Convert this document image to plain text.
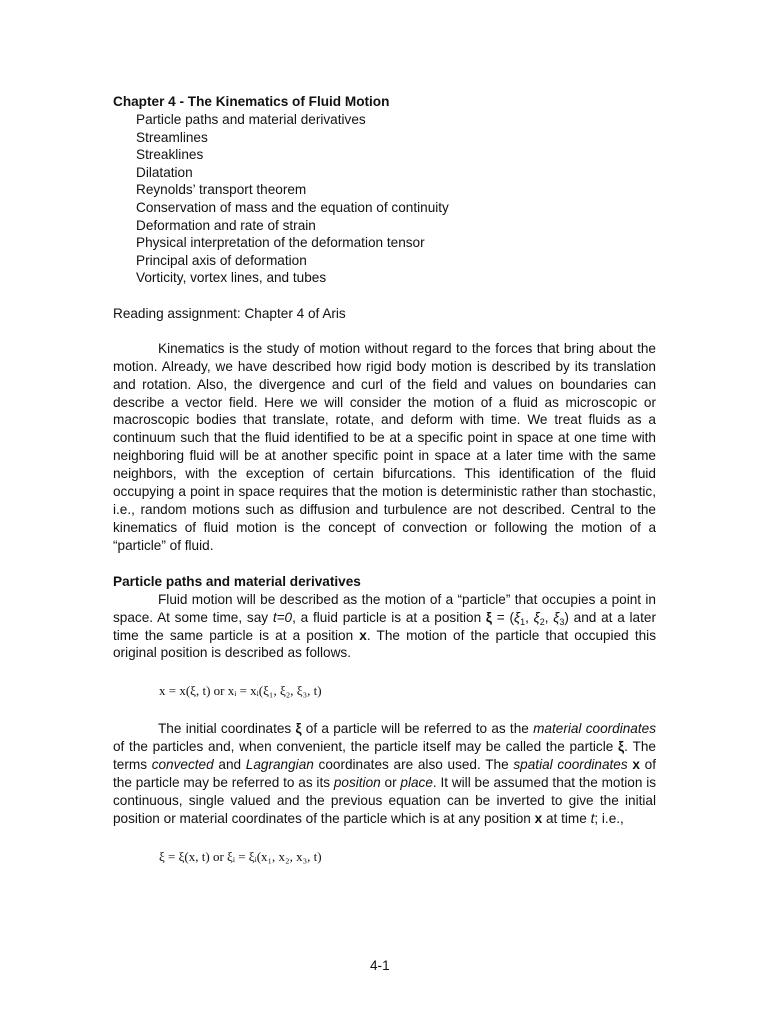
Chapter 4 - The Kinematics of Fluid Motion
Particle paths and material derivatives
Streamlines
Streaklines
Dilatation
Reynolds’ transport theorem
Conservation of mass and the equation of continuity
Deformation and rate of strain
Physical interpretation of the deformation tensor
Principal axis of deformation
Vorticity, vortex lines, and tubes

Reading assignment: Chapter 4 of Aris

Kinematics is the study of motion without regard to the forces that bring about the motion. Already, we have described how rigid body motion is described by its translation and rotation. Also, the divergence and curl of the field and values on boundaries can describe a vector field. Here we will consider the motion of a fluid as microscopic or macroscopic bodies that translate, rotate, and deform with time. We treat fluids as a continuum such that the fluid identified to be at a specific point in space at one time with neighboring fluid will be at another specific point in space at a later time with the same neighbors, with the exception of certain bifurcations. This identification of the fluid occupying a point in space requires that the motion is deterministic rather than stochastic, i.e., random motions such as diffusion and turbulence are not described. Central to the kinematics of fluid motion is the concept of convection or following the motion of a “particle” of fluid.

Particle paths and material derivatives

Fluid motion will be described as the motion of a “particle” that occupies a point in space. At some time, say t=0, a fluid particle is at a position $\xi = (\xi_1$, $\xi_2$, $\xi_3$) and at a later time the same particle is at a position x. The motion of the particle that occupied this original position is described as follows.

x = x(ξ, t) or xᵢ = xᵢ(ξ₁, ξ₂, ξ₃, t)

The initial coordinates ξ of a particle will be referred to as the material coordinates of the particles and, when convenient, the particle itself may be called the particle ξ. The terms convected and Lagrangian coordinates are also used. The spatial coordinates x of the particle may be referred to as its position or place. It will be assumed that the motion is continuous, single valued and the previous equation can be inverted to give the initial position or material coordinates of the particle which is at any position x at time t; i.e.,

ξ = ξ(x, t) or ξᵢ = ξᵢ(x₁, x₂, x₃, t)
4-1
